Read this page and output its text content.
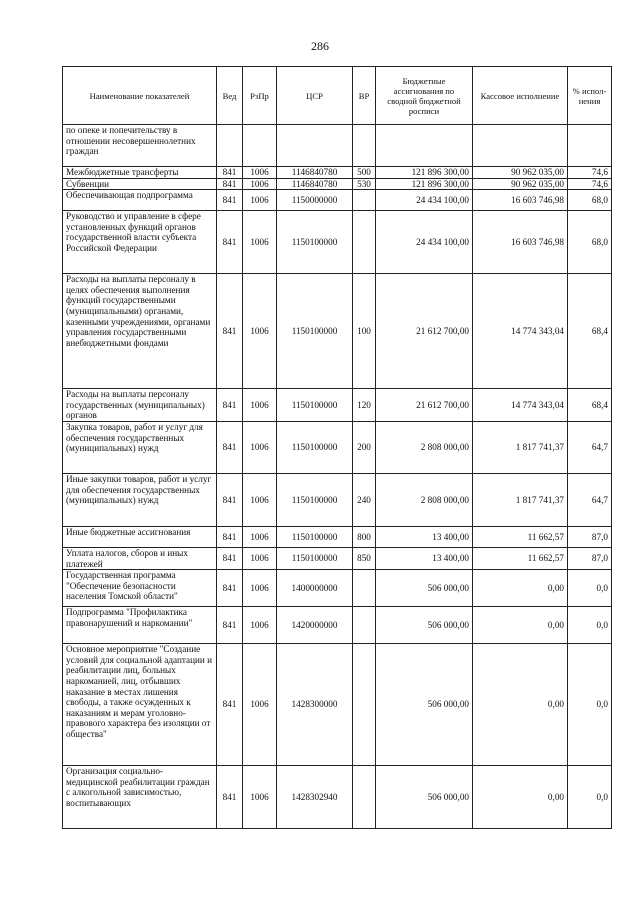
286
Наименование показателей	Вед	РзПр	ЦСР	ВР	Бюджетные ассигнования по сводной бюджетной росписи	Кассовое исполнение	% испол-нения
по опеке и попечительству в отношении несовершеннолетних граждан							
Межбюджетные трансферты	841	1006	1146840780	500	121 896 300,00	90 962 035,00	74,6
Субвенции	841	1006	1146840780	530	121 896 300,00	90 962 035,00	74,6
Обеспечивающая подпрограмма	841	1006	1150000000		24 434 100,00	16 603 746,98	68,0
Руководство и управление в сфере установленных функций органов государственной власти субъекта Российской Федерации	841	1006	1150100000		24 434 100,00	16 603 746,98	68,0
Расходы на выплаты персоналу в целях обеспечения выполнения функций государственными (муниципальными) органами, казенными учреждениями, органами управления государственными внебюджетными фондами	841	1006	1150100000	100	21 612 700,00	14 774 343,04	68,4
Расходы на выплаты персоналу государственных (муниципальных) органов	841	1006	1150100000	120	21 612 700,00	14 774 343,04	68,4
Закупка товаров, работ и услуг для обеспечения государственных (муниципальных) нужд	841	1006	1150100000	200	2 808 000,00	1 817 741,37	64,7
Иные закупки товаров, работ и услуг для обеспечения государственных (муниципальных) нужд	841	1006	1150100000	240	2 808 000,00	1 817 741,37	64,7
Иные бюджетные ассигнования	841	1006	1150100000	800	13 400,00	11 662,57	87,0
Уплата налогов, сборов и иных платежей	841	1006	1150100000	850	13 400,00	11 662,57	87,0
Государственная программа "Обеспечение безопасности населения Томской области"	841	1006	1400000000		506 000,00	0,00	0,0
Подпрограмма "Профилактика правонарушений и наркомании"	841	1006	1420000000		506 000,00	0,00	0,0
Основное мероприятие "Создание условий для социальной адаптации и реабилитации лиц, больных наркоманией, лиц, отбывших наказание в местах лишения свободы, а также осужденных к наказаниям и мерам уголовно-правового характера без изоляции от общества"	841	1006	1428300000		506 000,00	0,00	0,0
Организация социально-медицинской реабилитации граждан с алкогольной зависимостью, воспитывающих	841	1006	1428302940		506 000,00	0,00	0,0
